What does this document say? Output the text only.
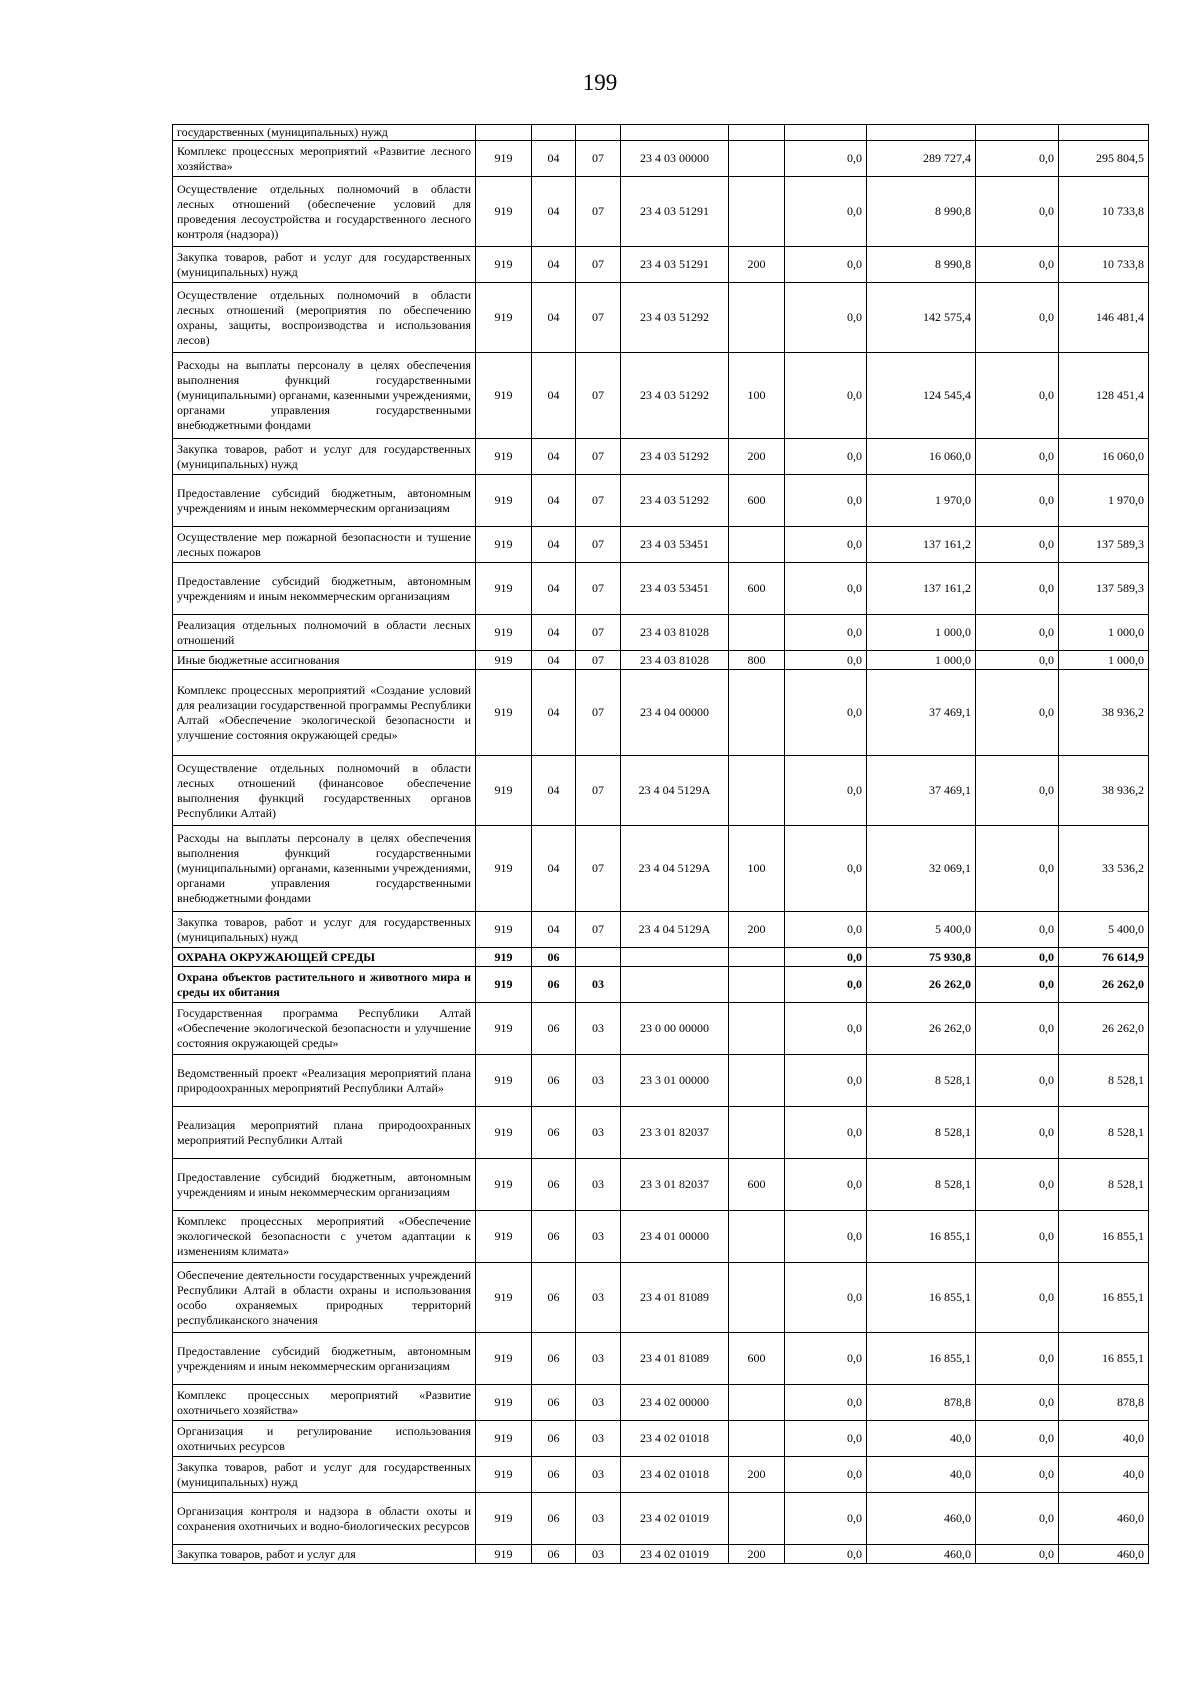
199
государственных (муниципальных) нужд									
Комплекс процессных мероприятий «Развитие лесного хозяйства»	919	04	07	23 4 03 00000		0,0	289 727,4	0,0	295 804,5
Осуществление отдельных полномочий в области лесных отношений (обеспечение условий для проведения лесоустройства и государственного лесного контроля (надзора))	919	04	07	23 4 03 51291		0,0	8 990,8	0,0	10 733,8
Закупка товаров, работ и услуг для государственных (муниципальных) нужд	919	04	07	23 4 03 51291	200	0,0	8 990,8	0,0	10 733,8
Осуществление отдельных полномочий в области лесных отношений (мероприятия по обеспечению охраны, защиты, воспроизводства и использования лесов)	919	04	07	23 4 03 51292		0,0	142 575,4	0,0	146 481,4
Расходы на выплаты персоналу в целях обеспечения выполнения функций государственными (муниципальными) органами, казенными учреждениями, органами управления государственными внебюджетными фондами	919	04	07	23 4 03 51292	100	0,0	124 545,4	0,0	128 451,4
Закупка товаров, работ и услуг для государственных (муниципальных) нужд	919	04	07	23 4 03 51292	200	0,0	16 060,0	0,0	16 060,0
Предоставление субсидий бюджетным, автономным учреждениям и иным некоммерческим организациям	919	04	07	23 4 03 51292	600	0,0	1 970,0	0,0	1 970,0
Осуществление мер пожарной безопасности и тушение лесных пожаров	919	04	07	23 4 03 53451		0,0	137 161,2	0,0	137 589,3
Предоставление субсидий бюджетным, автономным учреждениям и иным некоммерческим организациям	919	04	07	23 4 03 53451	600	0,0	137 161,2	0,0	137 589,3
Реализация отдельных полномочий в области лесных отношений	919	04	07	23 4 03 81028		0,0	1 000,0	0,0	1 000,0
Иные бюджетные ассигнования	919	04	07	23 4 03 81028	800	0,0	1 000,0	0,0	1 000,0
Комплекс процессных мероприятий «Создание условий для реализации государственной программы Республики Алтай «Обеспечение экологической безопасности и улучшение состояния окружающей среды»	919	04	07	23 4 04 00000		0,0	37 469,1	0,0	38 936,2
Осуществление отдельных полномочий в области лесных отношений (финансовое обеспечение выполнения функций государственных органов Республики Алтай)	919	04	07	23 4 04 5129А		0,0	37 469,1	0,0	38 936,2
Расходы на выплаты персоналу в целях обеспечения выполнения функций государственными (муниципальными) органами, казенными учреждениями, органами управления государственными внебюджетными фондами	919	04	07	23 4 04 5129А	100	0,0	32 069,1	0,0	33 536,2
Закупка товаров, работ и услуг для государственных (муниципальных) нужд	919	04	07	23 4 04 5129А	200	0,0	5 400,0	0,0	5 400,0
ОХРАНА ОКРУЖАЮЩЕЙ СРЕДЫ	919	06				0,0	75 930,8	0,0	76 614,9
Охрана объектов растительного и животного мира и среды их обитания	919	06	03			0,0	26 262,0	0,0	26 262,0
Государственная программа Республики Алтай «Обеспечение экологической безопасности и улучшение состояния окружающей среды»	919	06	03	23 0 00 00000		0,0	26 262,0	0,0	26 262,0
Ведомственный проект «Реализация мероприятий плана природоохранных мероприятий Республики Алтай»	919	06	03	23 3 01 00000		0,0	8 528,1	0,0	8 528,1
Реализация мероприятий плана природоохранных мероприятий Республики Алтай	919	06	03	23 3 01 82037		0,0	8 528,1	0,0	8 528,1
Предоставление субсидий бюджетным, автономным учреждениям и иным некоммерческим организациям	919	06	03	23 3 01 82037	600	0,0	8 528,1	0,0	8 528,1
Комплекс процессных мероприятий «Обеспечение экологической безопасности с учетом адаптации к изменениям климата»	919	06	03	23 4 01 00000		0,0	16 855,1	0,0	16 855,1
Обеспечение деятельности государственных учреждений Республики Алтай в области охраны и использования особо охраняемых природных территорий республиканского значения	919	06	03	23 4 01 81089		0,0	16 855,1	0,0	16 855,1
Предоставление субсидий бюджетным, автономным учреждениям и иным некоммерческим организациям	919	06	03	23 4 01 81089	600	0,0	16 855,1	0,0	16 855,1
Комплекс процессных мероприятий «Развитие охотничьего хозяйства»	919	06	03	23 4 02 00000		0,0	878,8	0,0	878,8
Организация и регулирование использования охотничьих ресурсов	919	06	03	23 4 02 01018		0,0	40,0	0,0	40,0
Закупка товаров, работ и услуг для государственных (муниципальных) нужд	919	06	03	23 4 02 01018	200	0,0	40,0	0,0	40,0
Организация контроля и надзора в области охоты и сохранения охотничьих и водно-биологических ресурсов	919	06	03	23 4 02 01019		0,0	460,0	0,0	460,0
Закупка товаров, работ и услуг для	919	06	03	23 4 02 01019	200	0,0	460,0	0,0	460,0
